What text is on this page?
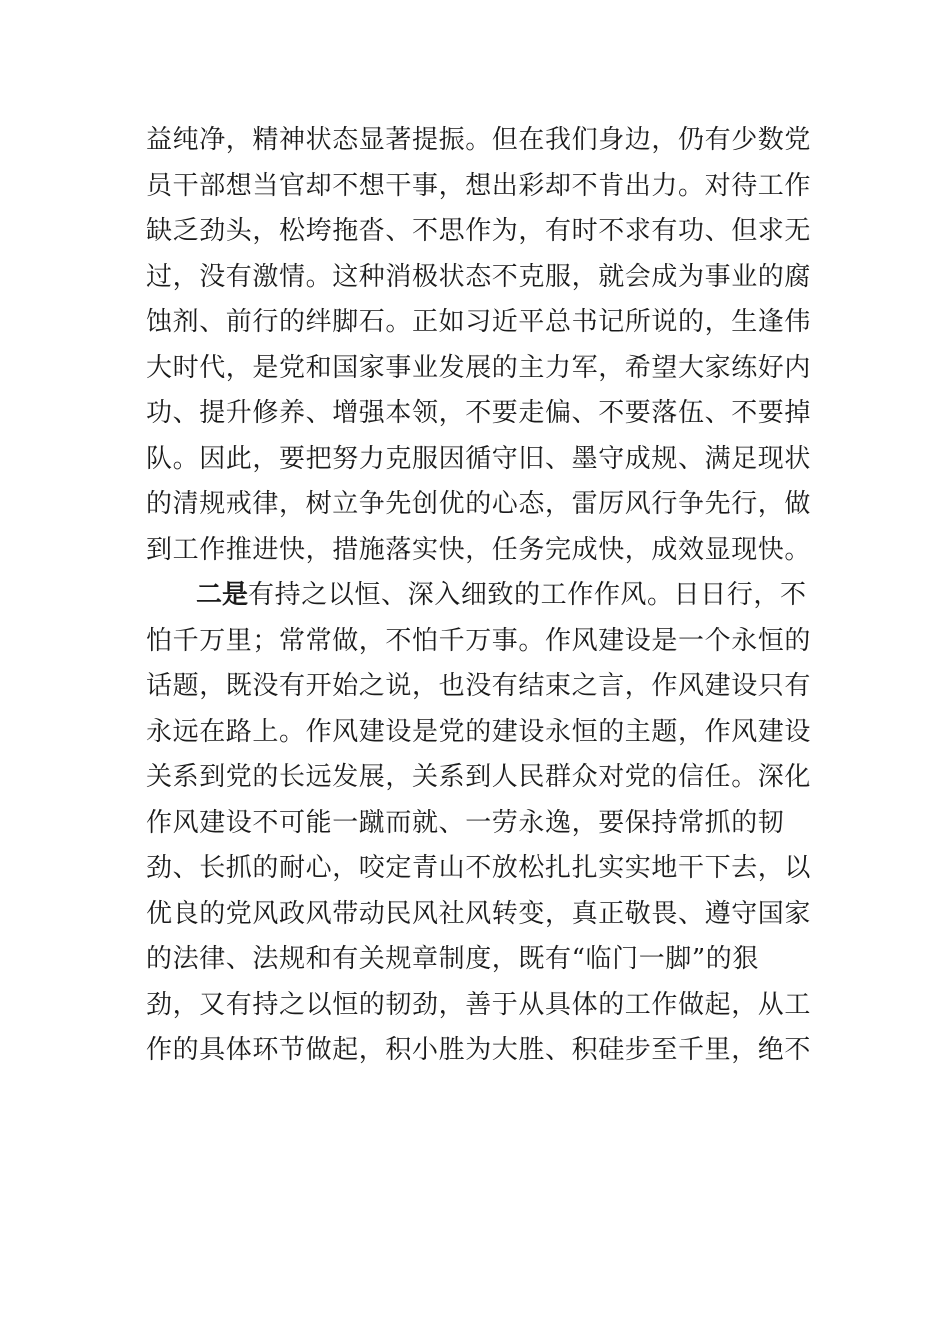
益纯净，精神状态显著提振。但在我们身边，仍有少数党
员干部想当官却不想干事，想出彩却不肯出力。对待工作
缺乏劲头，松垮拖沓、不思作为，有时不求有功、但求无
过，没有激情。这种消极状态不克服，就会成为事业的腐
蚀剂、前行的绊脚石。正如习近平总书记所说的，生逢伟
大时代，是党和国家事业发展的主力军，希望大家练好内
功、提升修养、增强本领，不要走偏、不要落伍、不要掉
队。因此，要把努力克服因循守旧、墨守成规、满足现状
的清规戒律，树立争先创优的心态，雷厉风行争先行，做
到工作推进快，措施落实快，任务完成快，成效显现快。
二是有持之以恒、深入细致的工作作风。日日行，不
怕千万里；常常做，不怕千万事。作风建设是一个永恒的
话题，既没有开始之说，也没有结束之言，作风建设只有
永远在路上。作风建设是党的建设永恒的主题，作风建设
关系到党的长远发展，关系到人民群众对党的信任。深化
作风建设不可能一蹴而就、一劳永逸，要保持常抓的韧
劲、长抓的耐心，咬定青山不放松扎扎实实地干下去，以
优良的党风政风带动民风社风转变，真正敬畏、遵守国家
的法律、法规和有关规章制度，既有“临门一脚”的狠
劲，又有持之以恒的韧劲，善于从具体的工作做起，从工
作的具体环节做起，积小胜为大胜、积硅步至千里，绝不
